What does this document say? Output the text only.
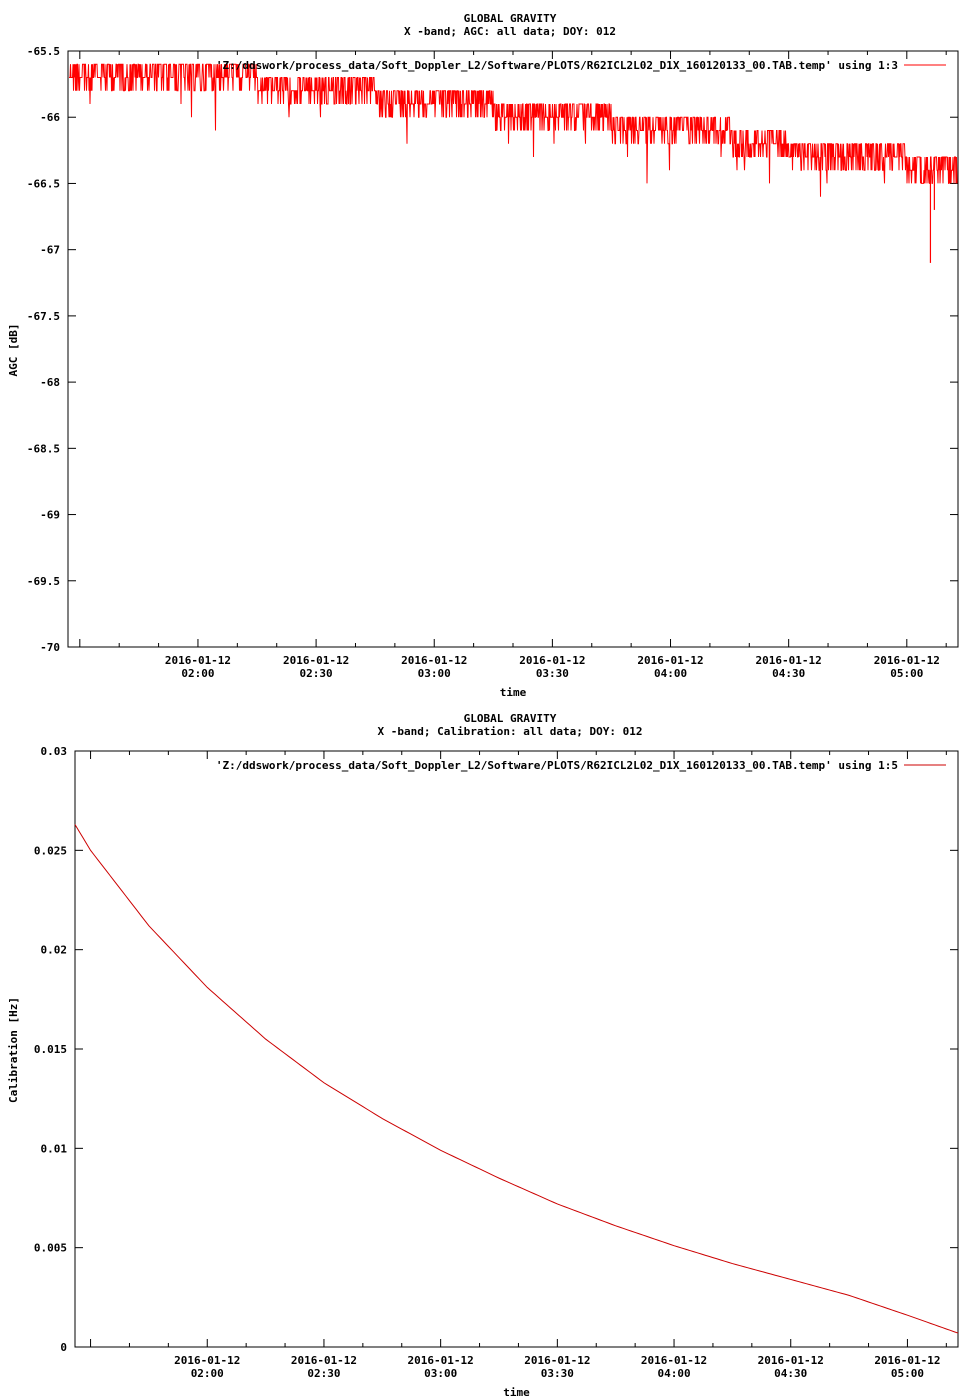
GLOBAL GRAVITY
X -band; AGC: all data; DOY: 012
-65.5
-66
-66.5
-67
-67.5
-68
-68.5
-69
-69.5
-70
2016-01-12
02:00
2016-01-12
02:30
2016-01-12
03:00
2016-01-12
03:30
2016-01-12
04:00
2016-01-12
04:30
2016-01-12
05:00
time
AGC [dB]
'Z:/ddswork/process_data/Soft_Doppler_L2/Software/PLOTS/R62ICL2L02_D1X_160120133_00.TAB.temp' using 1:3
GLOBAL GRAVITY
X -band; Calibration: all data; DOY: 012
0.03
0.025
0.02
0.015
0.01
0.005
0
2016-01-12
02:00
2016-01-12
02:30
2016-01-12
03:00
2016-01-12
03:30
2016-01-12
04:00
2016-01-12
04:30
2016-01-12
05:00
time
Calibration [Hz]
'Z:/ddswork/process_data/Soft_Doppler_L2/Software/PLOTS/R62ICL2L02_D1X_160120133_00.TAB.temp' using 1:5
